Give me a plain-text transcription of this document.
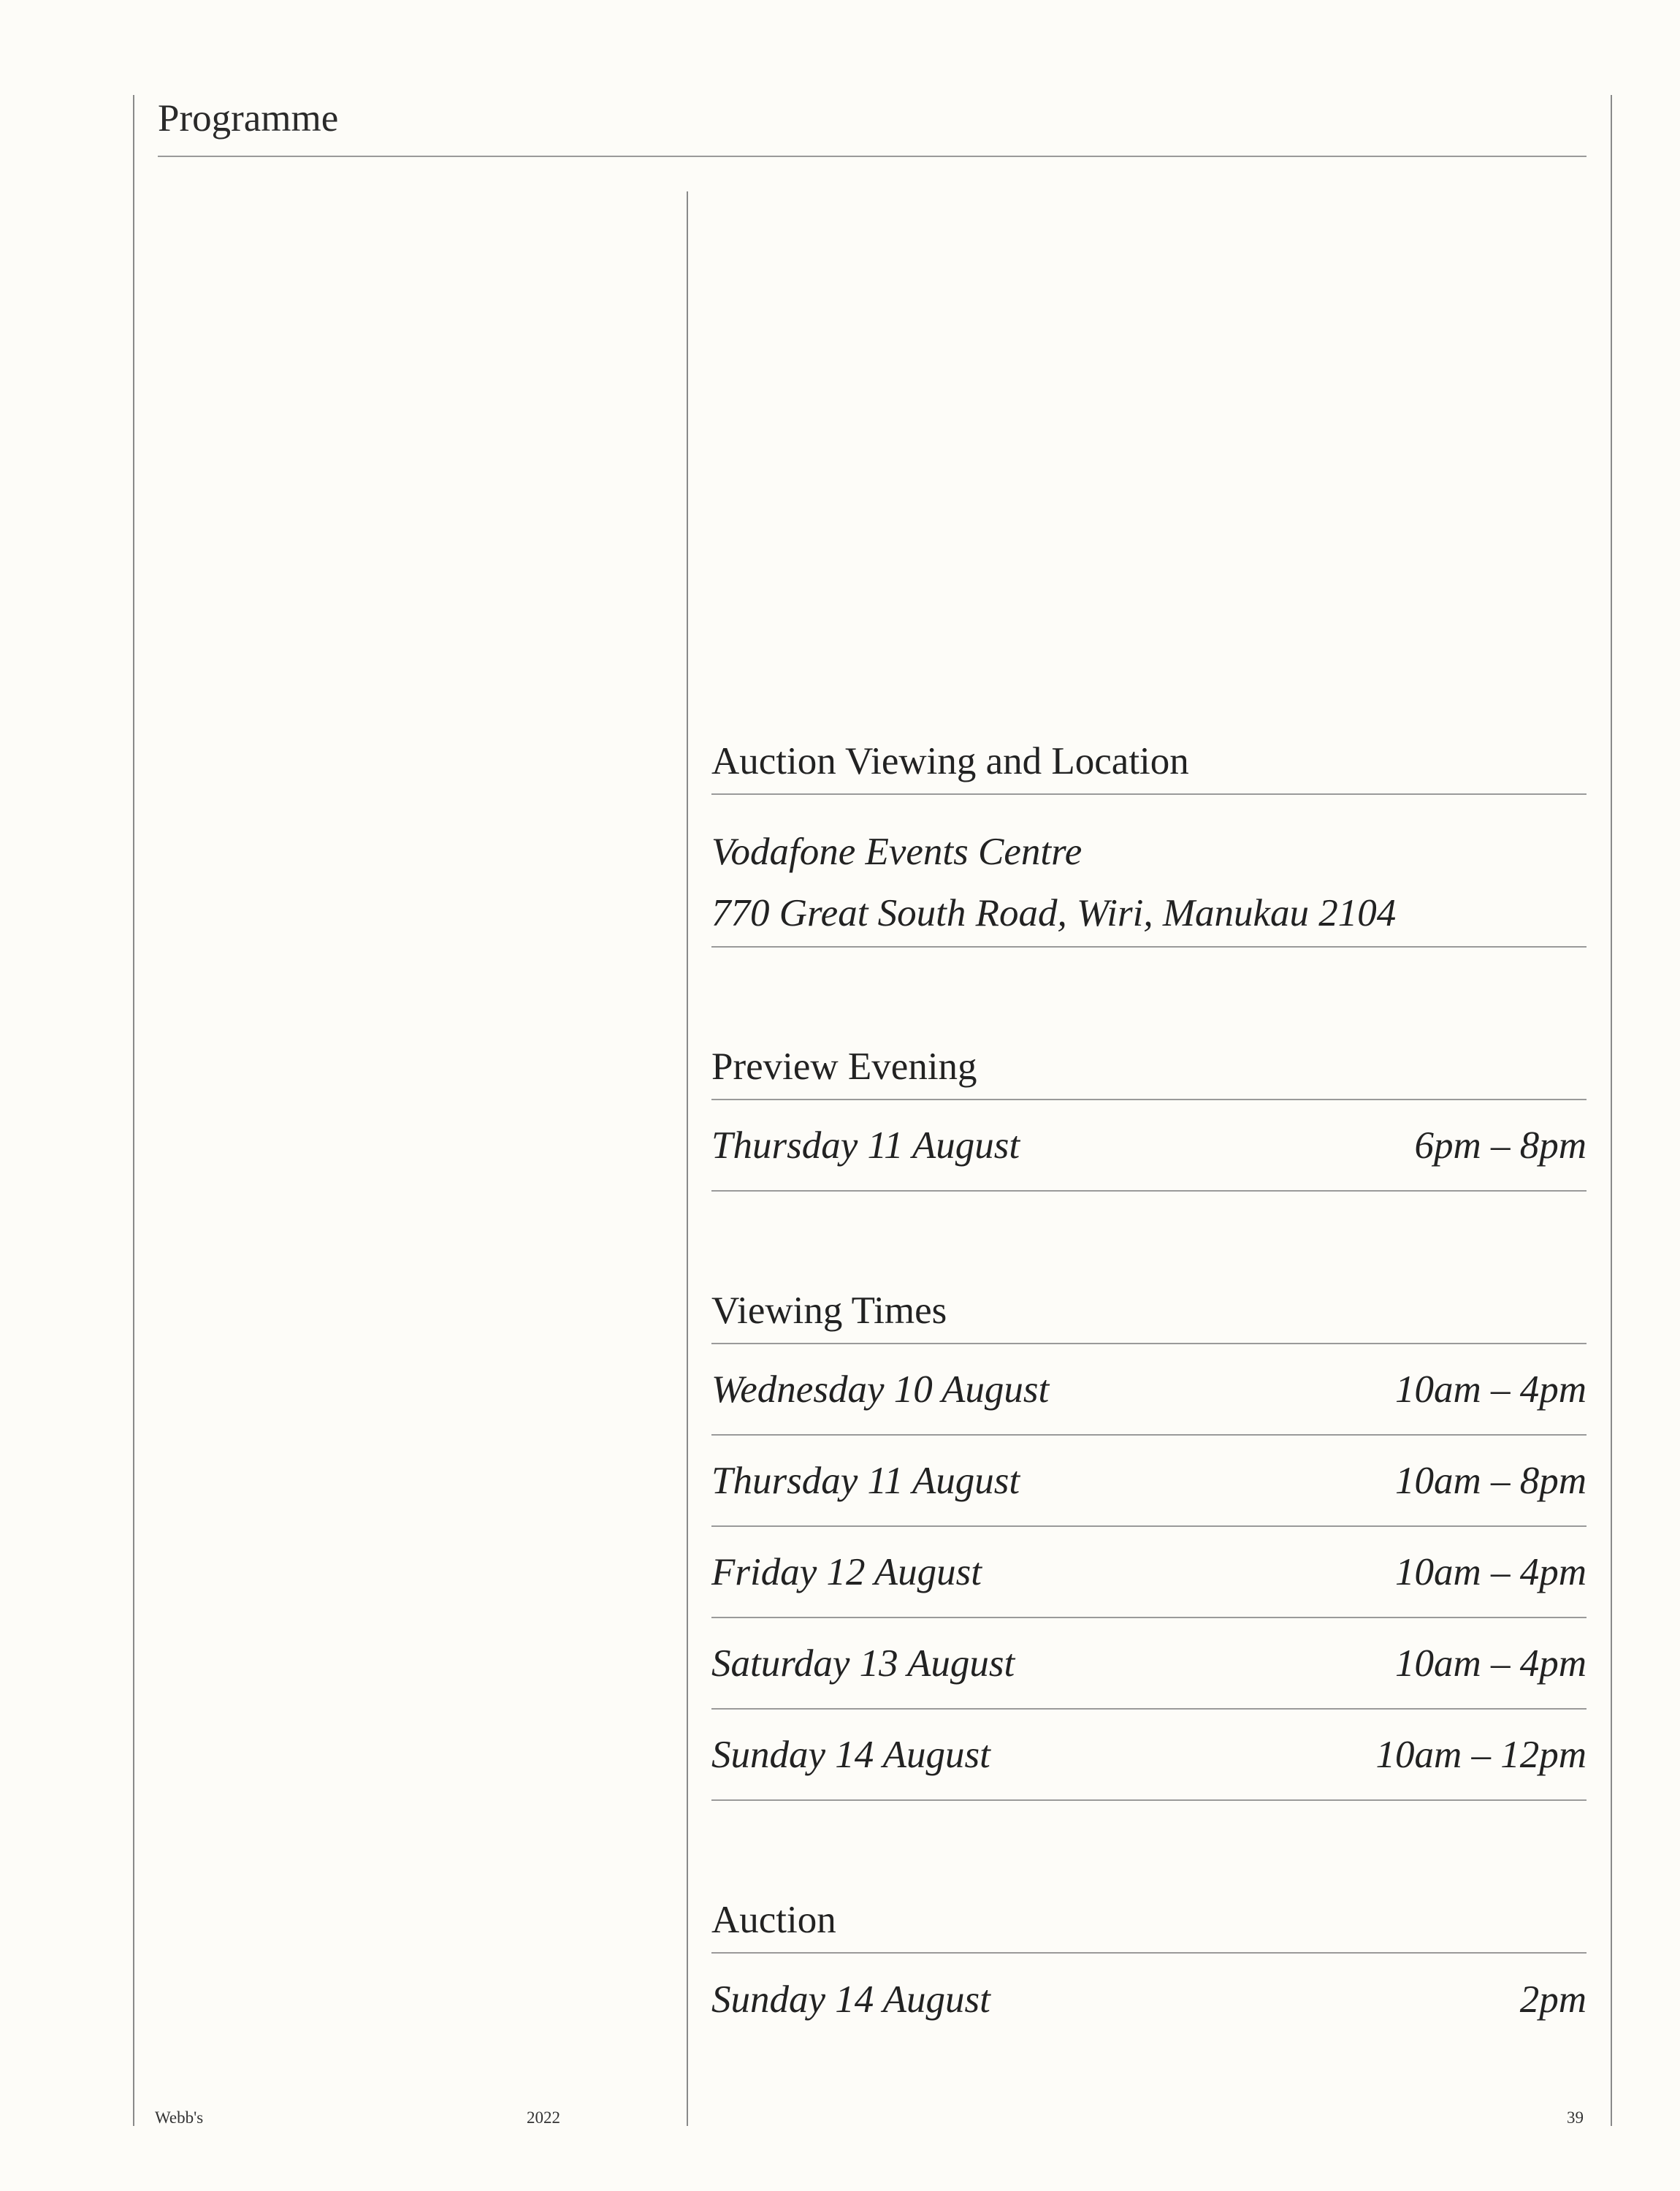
Programme
Auction Viewing and Location
Vodafone Events Centre
770 Great South Road, Wiri, Manukau 2104
Preview Evening
Thursday 11 August	6pm – 8pm
Viewing Times
Wednesday 10 August	10am – 4pm
Thursday 11 August	10am – 8pm
Friday 12 August	10am – 4pm
Saturday 13 August	10am – 4pm
Sunday 14 August	10am – 12pm
Auction
Sunday 14 August	2pm
Webb's	2022	39
